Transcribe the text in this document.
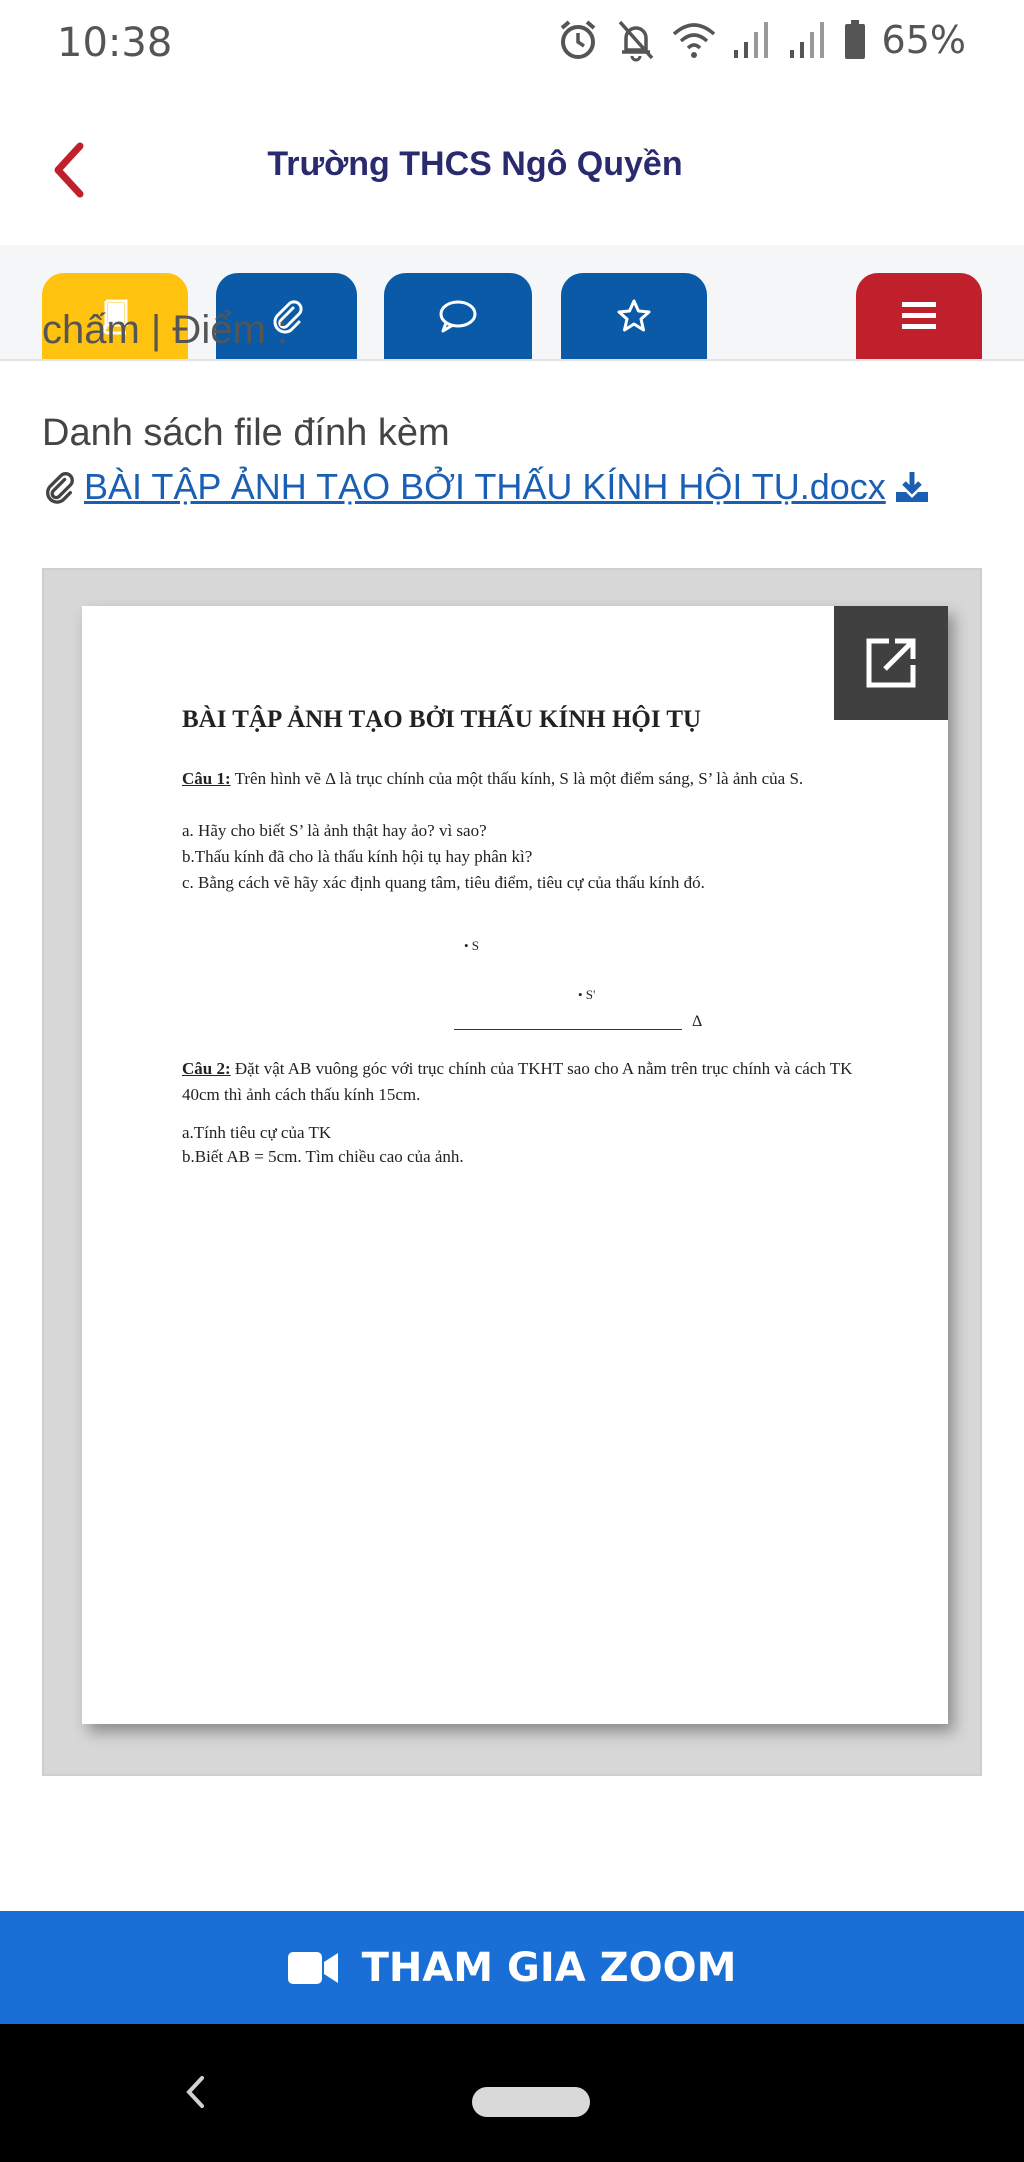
10:38	65%
Trường THCS Ngô Quyền
chấm | Điểm :
Danh sách file đính kèm
BÀI TẬP ẢNH TẠO BỞI THẤU KÍNH HỘI TỤ.docx
BÀI TẬP ẢNH TẠO BỞI THẤU KÍNH HỘI TỤ
Câu 1: Trên hình vẽ Δ là trục chính của một thấu kính, S là một điểm sáng, S’ là ảnh của S.
a. Hãy cho biết S’ là ảnh thật hay ảo? vì sao?
b.Thấu kính đã cho là thấu kính hội tụ hay phân kì?
c. Bằng cách vẽ hãy xác định quang tâm, tiêu điểm, tiêu cự của thấu kính đó.
• S
• S'
Δ
Câu 2: Đặt vật AB vuông góc với trục chính của TKHT sao cho A nằm trên trục chính và cách TK 40cm thì ảnh cách thấu kính 15cm.
a.Tính tiêu cự của TK
b.Biết AB = 5cm. Tìm chiều cao của ảnh.
THAM GIA ZOOM
